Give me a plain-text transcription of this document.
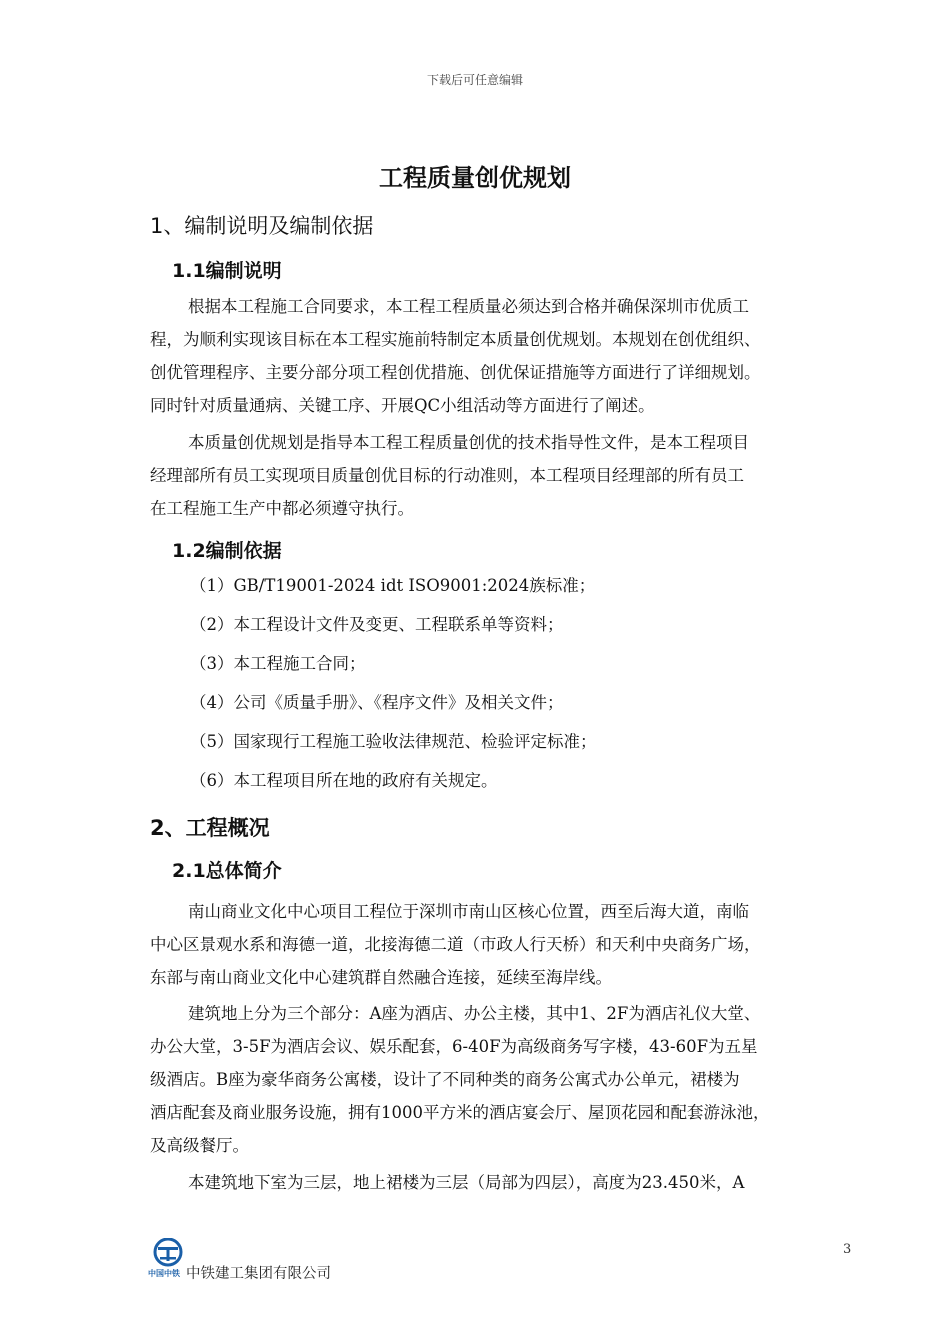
下载后可任意编辑
工程质量创优规划
1、编制说明及编制依据
1.1编制说明
根据本工程施工合同要求，本工程工程质量必须达到合格并确保深圳市优质工
程，为顺利实现该目标在本工程实施前特制定本质量创优规划。本规划在创优组织、
创优管理程序、主要分部分项工程创优措施、创优保证措施等方面进行了详细规划。
同时针对质量通病、关键工序、开展QC小组活动等方面进行了阐述。
本质量创优规划是指导本工程工程质量创优的技术指导性文件，是本工程项目
经理部所有员工实现项目质量创优目标的行动准则，本工程项目经理部的所有员工
在工程施工生产中都必须遵守执行。
1.2编制依据
（1）GB/T19001-2024 idt ISO9001:2024族标准；
（2）本工程设计文件及变更、工程联系单等资料；
（3）本工程施工合同；
（4）公司《质量手册》、《程序文件》及相关文件；
（5）国家现行工程施工验收法律规范、检验评定标准；
（6）本工程项目所在地的政府有关规定。
2、工程概况
2.1总体简介
南山商业文化中心项目工程位于深圳市南山区核心位置，西至后海大道，南临
中心区景观水系和海德一道，北接海德二道（市政人行天桥）和天利中央商务广场，
东部与南山商业文化中心建筑群自然融合连接，延续至海岸线。
建筑地上分为三个部分：A座为酒店、办公主楼，其中1、2F为酒店礼仪大堂、
办公大堂，3-5F为酒店会议、娱乐配套，6-40F为高级商务写字楼，43-60F为五星
级酒店。B座为豪华商务公寓楼，设计了不同种类的商务公寓式办公单元，裙楼为
酒店配套及商业服务设施，拥有1000平方米的酒店宴会厅、屋顶花园和配套游泳池，
及高级餐厅。
本建筑地下室为三层，地上裙楼为三层（局部为四层），高度为23.450米，A
3
中国中铁 中铁建工集团有限公司
